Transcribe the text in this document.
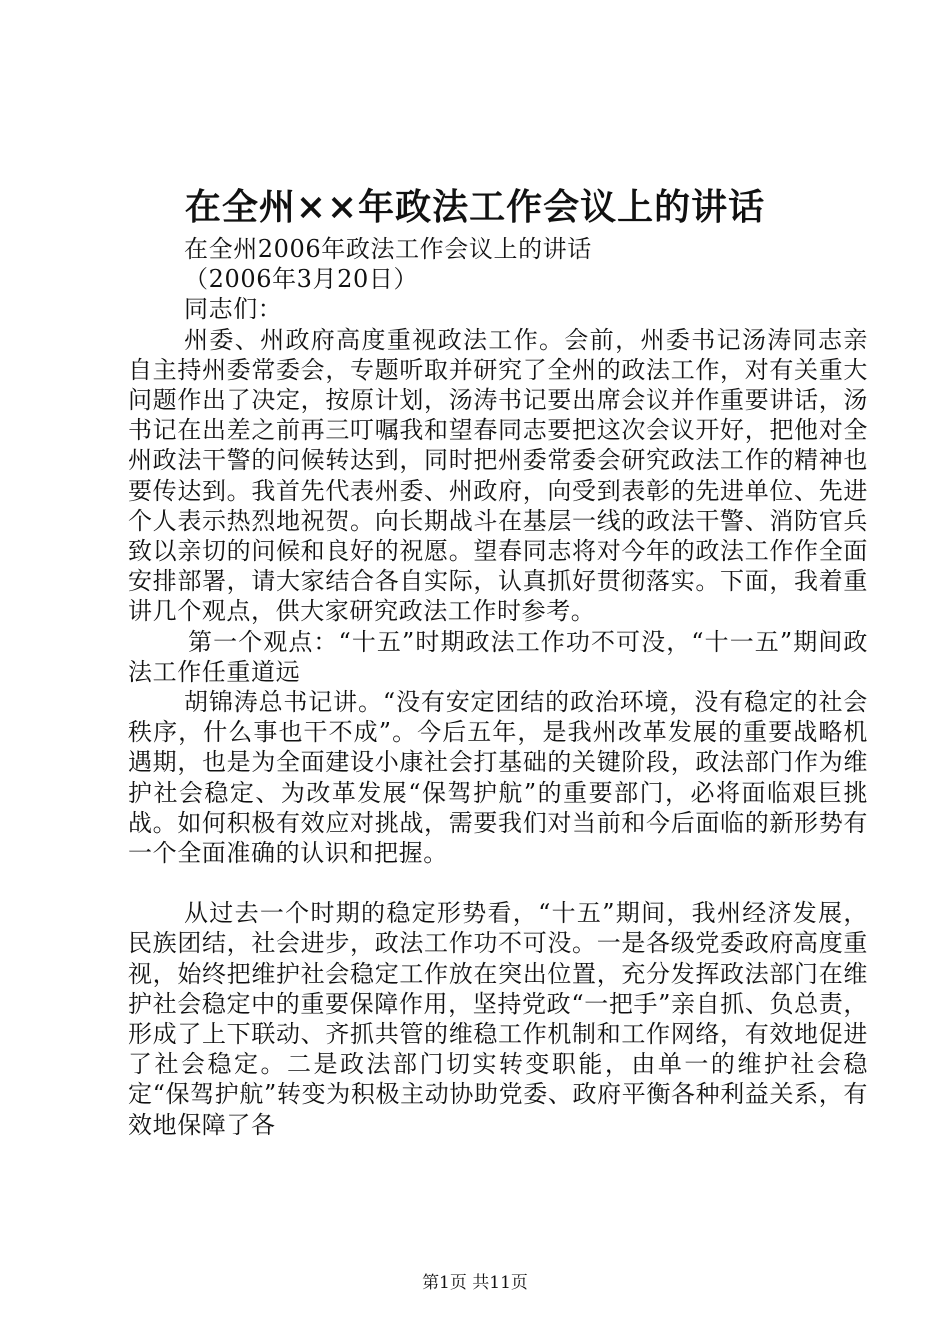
在全州××年政法工作会议上的讲话
在全州2006年政法工作会议上的讲话
（2006年3月20日）
同志们：

州委、州政府高度重视政法工作。会前，州委书记汤涛同志亲自主持州委常委会，专题听取并研究了全州的政法工作，对有关重大问题作出了决定，按原计划，汤涛书记要出席会议并作重要讲话，汤书记在出差之前再三叮嘱我和望春同志要把这次会议开好，把他对全州政法干警的问候转达到，同时把州委常委会研究政法工作的精神也要传达到。我首先代表州委、州政府，向受到表彰的先进单位、先进个人表示热烈地祝贺。向长期战斗在基层一线的政法干警、消防官兵致以亲切的问候和良好的祝愿。望春同志将对今年的政法工作作全面安排部署，请大家结合各自实际，认真抓好贯彻落实。下面，我着重讲几个观点，供大家研究政法工作时参考。

第一个观点：“十五”时期政法工作功不可没，“十一五”期间政法工作任重道远

胡锦涛总书记讲。“没有安定团结的政治环境，没有稳定的社会秩序，什么事也干不成”。今后五年，是我州改革发展的重要战略机遇期，也是为全面建设小康社会打基础的关键阶段，政法部门作为维护社会稳定、为改革发展“保驾护航”的重要部门，必将面临艰巨挑战。如何积极有效应对挑战，需要我们对当前和今后面临的新形势有一个全面准确的认识和把握。

从过去一个时期的稳定形势看，“十五”期间，我州经济发展，民族团结，社会进步，政法工作功不可没。一是各级党委政府高度重视，始终把维护社会稳定工作放在突出位置，充分发挥政法部门在维护社会稳定中的重要保障作用，坚持党政“一把手”亲自抓、负总责，形成了上下联动、齐抓共管的维稳工作机制和工作网络，有效地促进了社会稳定。二是政法部门切实转变职能，由单一的维护社会稳定“保驾护航”转变为积极主动协助党委、政府平衡各种利益关系，有效地保障了各

第1页 共11页
